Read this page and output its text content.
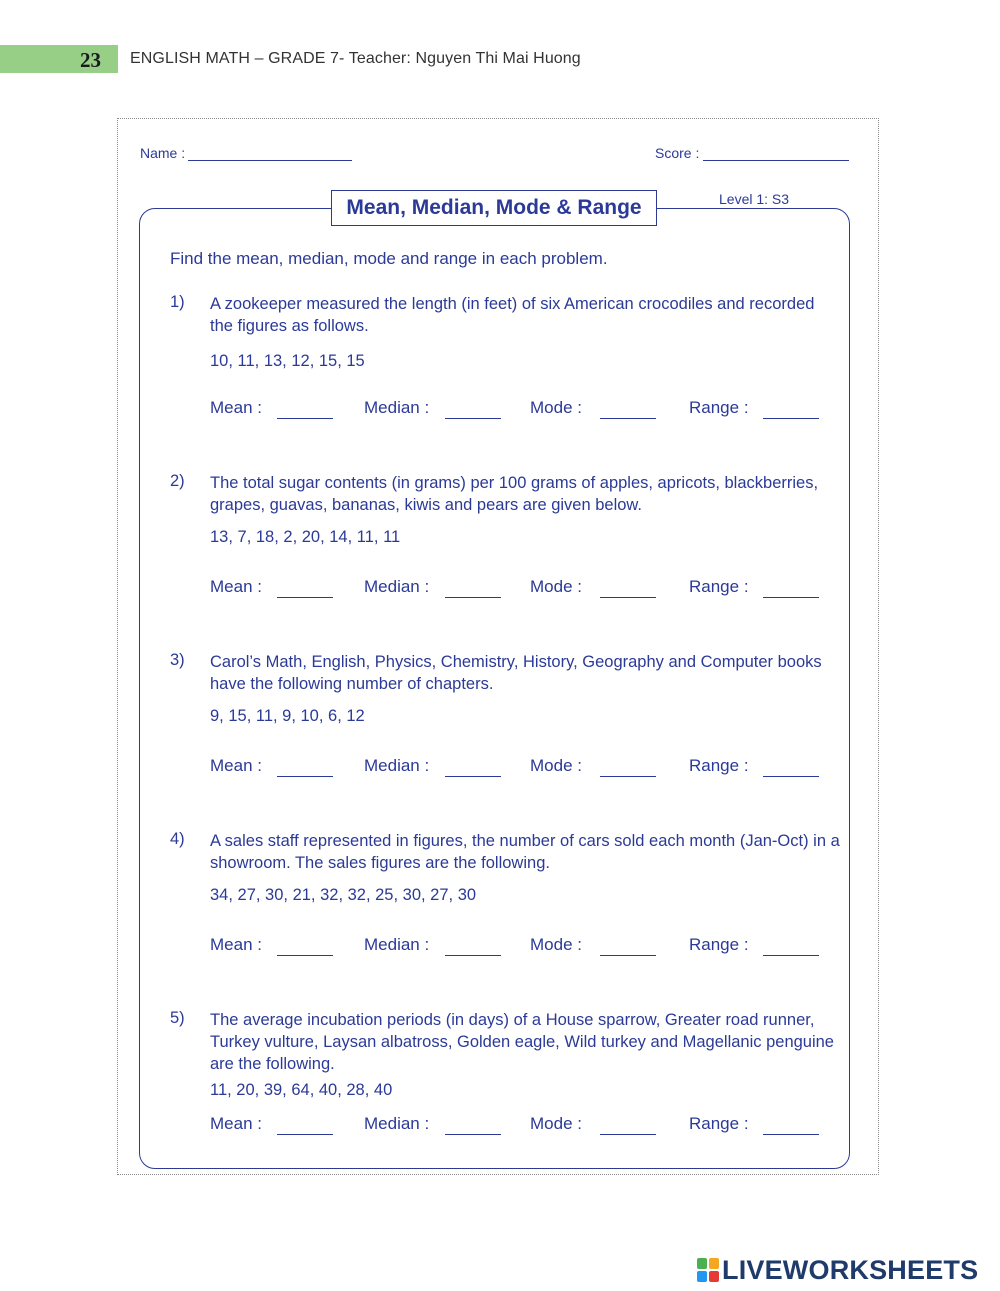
23	ENGLISH MATH – GRADE 7- Teacher: Nguyen Thi Mai Huong
Name :	Score :
Mean, Median, Mode & Range	Level 1: S3
Find the mean, median, mode and range in each problem.
1) A zookeeper measured the length (in feet) of six American crocodiles and recorded the figures as follows.
10, 11, 13, 12, 15, 15
Mean :	Median :	Mode :	Range :
2) The total sugar contents (in grams) per 100 grams of apples, apricots, blackberries, grapes, guavas, bananas, kiwis and pears are given below.
13, 7, 18, 2, 20, 14, 11, 11
Mean :	Median :	Mode :	Range :
3) Carol’s Math, English, Physics, Chemistry, History, Geography and Computer books have the following number of chapters.
9, 15, 11, 9, 10, 6, 12
Mean :	Median :	Mode :	Range :
4) A sales staff represented in figures, the number of cars sold each month (Jan-Oct) in a showroom. The sales figures are the following.
34, 27, 30, 21, 32, 32, 25, 30, 27, 30
Mean :	Median :	Mode :	Range :
5) The average incubation periods (in days) of a House sparrow, Greater road runner, Turkey vulture, Laysan albatross, Golden eagle, Wild turkey and Magellanic penguine are the following.
11, 20, 39, 64, 40, 28, 40
Mean :	Median :	Mode :	Range :
LIVEWORKSHEETS
